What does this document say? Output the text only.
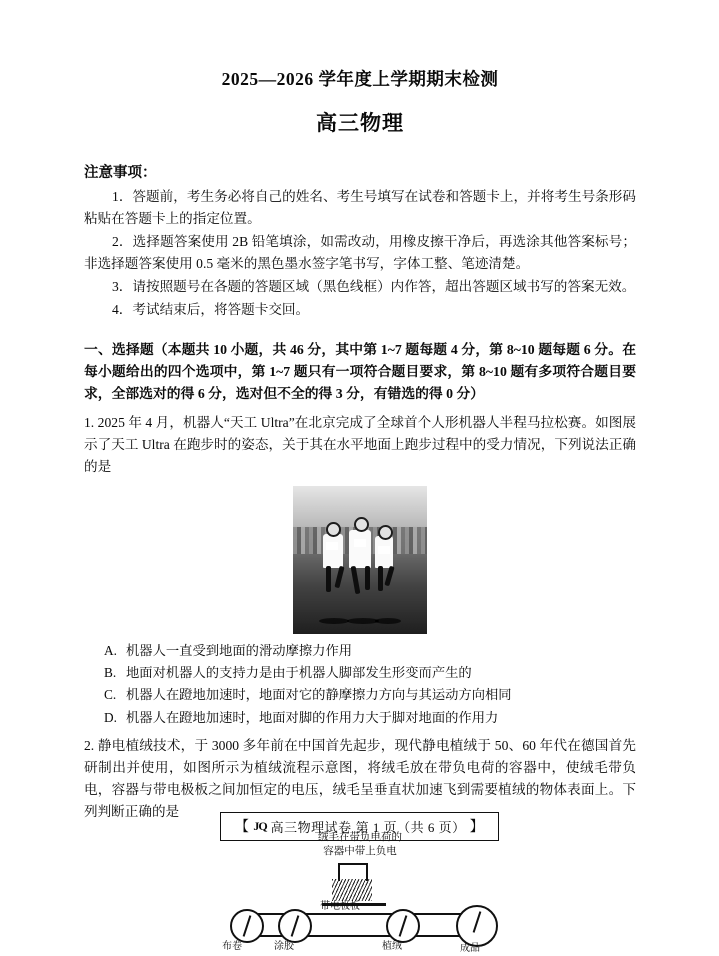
2025—2026 学年度上学期期末检测
高三物理
注意事项：
1．答题前，考生务必将自己的姓名、考生号填写在试卷和答题卡上，并将考生号条形码粘贴在答题卡上的指定位置。
2．选择题答案使用 2B 铅笔填涂，如需改动，用橡皮擦干净后，再选涂其他答案标号；非选择题答案使用 0.5 毫米的黑色墨水签字笔书写，字体工整、笔迹清楚。
3．请按照题号在各题的答题区域（黑色线框）内作答，超出答题区域书写的答案无效。
4．考试结束后，将答题卡交回。
一、选择题（本题共 10 小题，共 46 分，其中第 1~7 题每题 4 分，第 8~10 题每题 6 分。在每小题给出的四个选项中，第 1~7 题只有一项符合题目要求，第 8~10 题有多项符合题目要求，全部选对的得 6 分，选对但不全的得 3 分，有错选的得 0 分）
1. 2025 年 4 月，机器人“天工 Ultra”在北京完成了全球首个人形机器人半程马拉松赛。如图展示了天工 Ultra 在跑步时的姿态，关于其在水平地面上跑步过程中的受力情况，下列说法正确的是
A. 机器人一直受到地面的滑动摩擦力作用
B. 地面对机器人的支持力是由于机器人脚部发生形变而产生的
C. 机器人在蹬地加速时，地面对它的静摩擦力方向与其运动方向相同
D. 机器人在蹬地加速时，地面对脚的作用力大于脚对地面的作用力
2. 静电植绒技术，于 3000 多年前在中国首先起步，现代静电植绒于 50、60 年代在德国首先研制出并使用，如图所示为植绒流程示意图，将绒毛放在带负电荷的容器中，使绒毛带负电，容器与带电极板之间加恒定的电压，绒毛呈垂直状加速飞到需要植绒的物体表面上。下列判断正确的是
绒毛在带负电荷的
容器中带上负电
带电极板
涂胶	植绒
布卷	成品
【 JQ 高三物理试卷 第 1 页（共 6 页） 】
